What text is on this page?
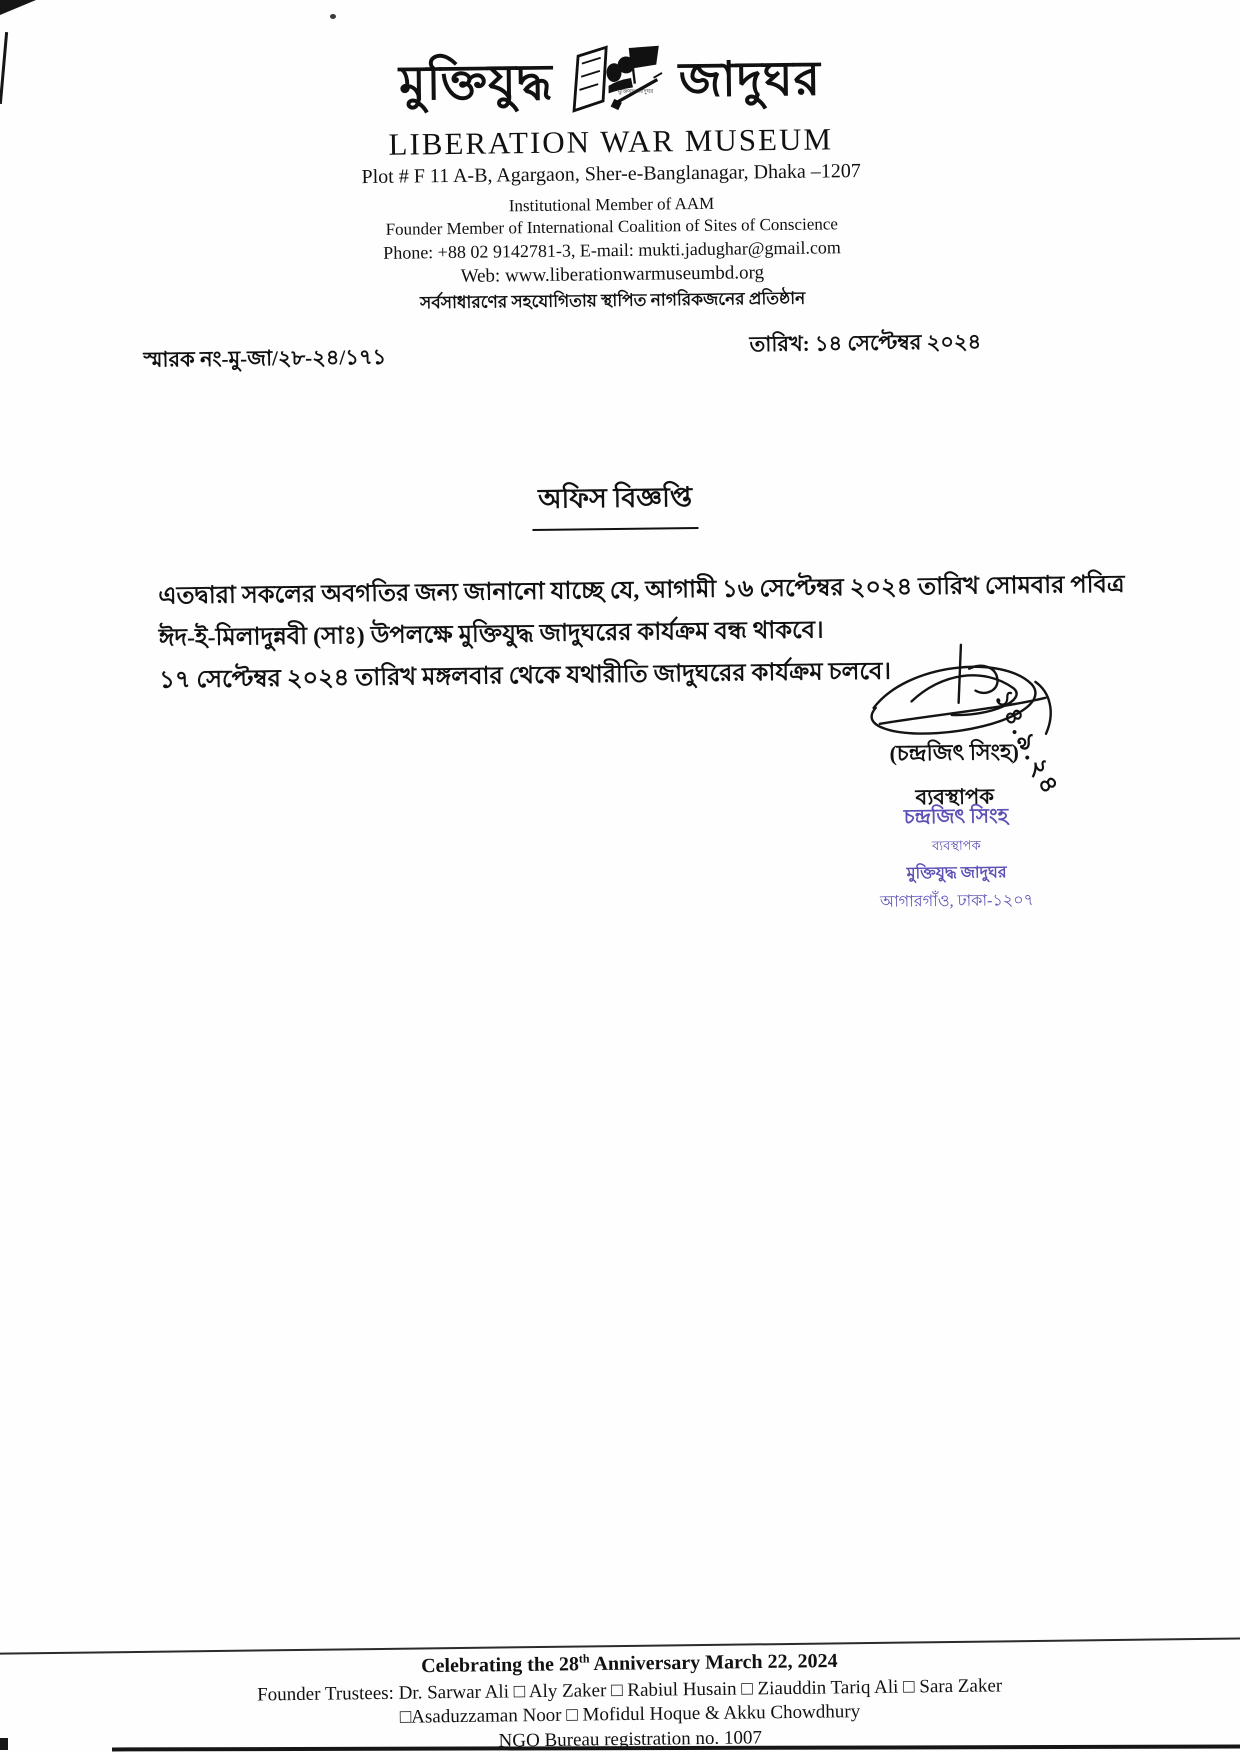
মুক্তিযুদ্ধ	মুক্তিযুদ্ধ জাদুঘর জাদুঘর
LIBERATION WAR MUSEUM
Plot # F 11 A-B, Agargaon, Sher-e-Banglanagar, Dhaka –1207
Institutional Member of AAM
Founder Member of International Coalition of Sites of Conscience
Phone: +88 02 9142781-3, E-mail: mukti.jadughar@gmail.com
Web: www.liberationwarmuseumbd.org
সর্বসাধারণের সহযোগিতায় স্থাপিত নাগরিকজনের প্রতিষ্ঠান
স্মারক নং-মু-জা/২৮-২৪/১৭১
তারিখ: ১৪ সেপ্টেম্বর ২০২৪
অফিস বিজ্ঞপ্তি
এতদ্বারা সকলের অবগতির জন্য জানানো যাচ্ছে যে, আগামী ১৬ সেপ্টেম্বর ২০২৪ তারিখ সোমবার পবিত্র
ঈদ-ই-মিলাদুন্নবী (সাঃ) উপলক্ষে মুক্তিযুদ্ধ জাদুঘরের কার্যক্রম বন্ধ থাকবে।
১৭ সেপ্টেম্বর ২০২৪ তারিখ মঙ্গলবার থেকে যথারীতি জাদুঘরের কার্যক্রম চলবে।
১৪.৯.২৪
(চন্দ্রজিৎ সিংহ)
ব্যবস্থাপক
চন্দ্রজিৎ সিংহ
ব্যবস্থাপক
মুক্তিযুদ্ধ জাদুঘর
আগারগাঁও, ঢাকা-১২০৭
Celebrating the 28th Anniversary March 22, 2024
Founder Trustees: Dr. Sarwar Ali □ Aly Zaker □ Rabiul Husain □ Ziauddin Tariq Ali □ Sara Zaker
□Asaduzzaman Noor □ Mofidul Hoque & Akku Chowdhury
NGO Bureau registration no. 1007
